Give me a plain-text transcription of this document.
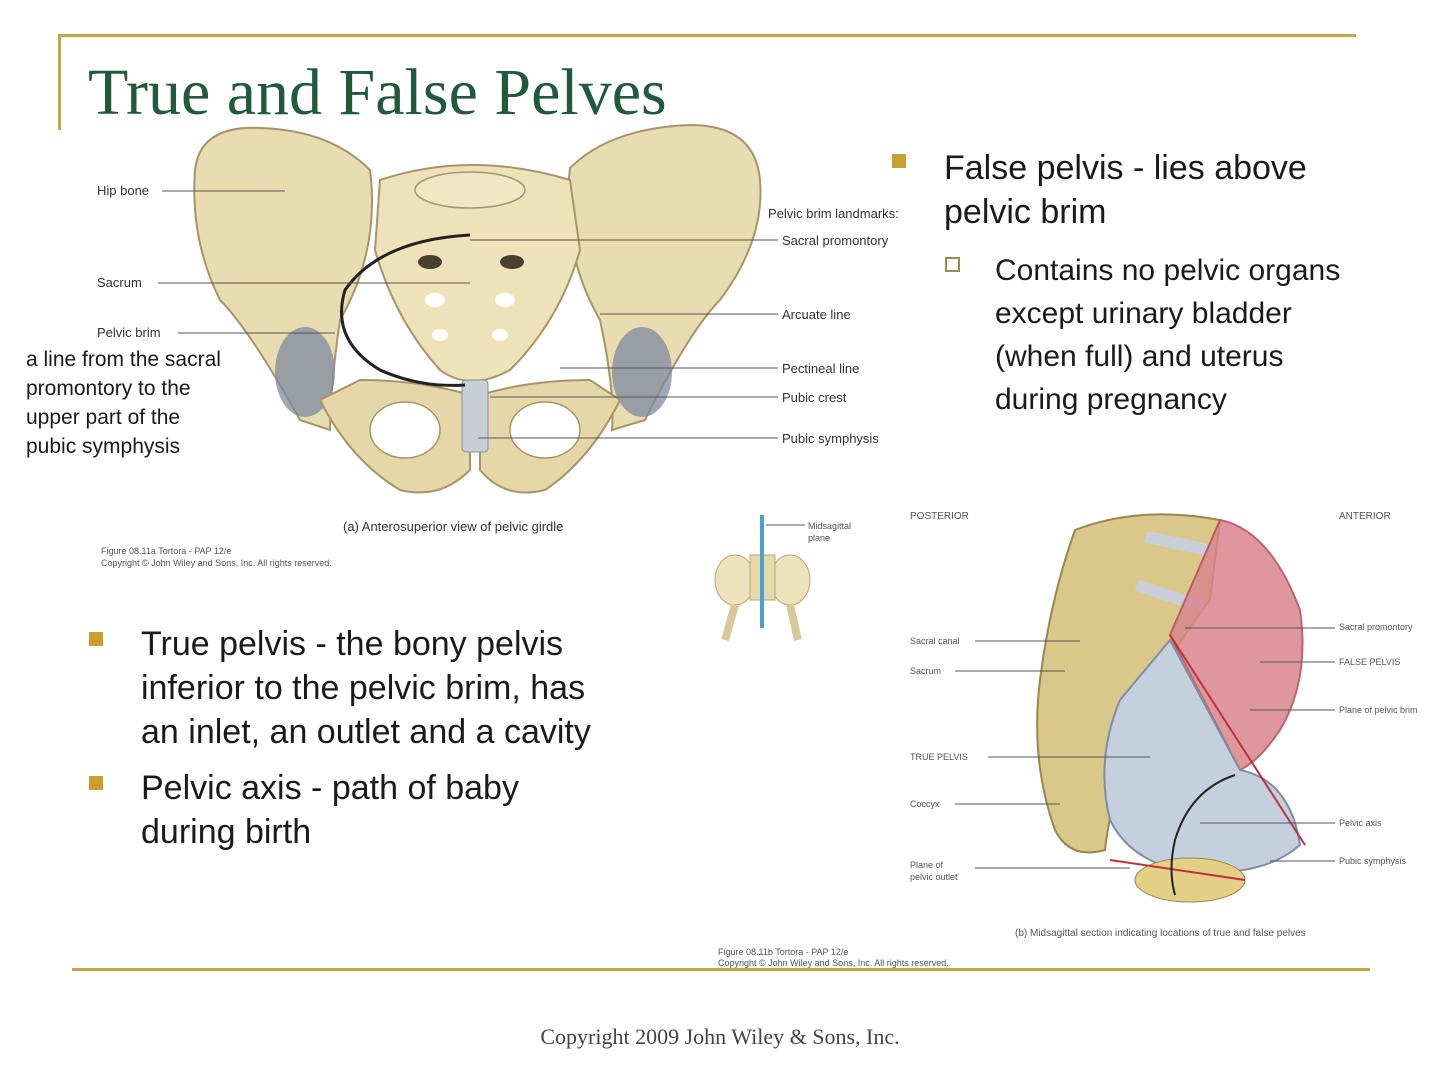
True and False Pelves
Hip bone
Sacrum
Pelvic brim
a line from the sacral
promontory to the
upper part of the
pubic symphysis
Pelvic brim landmarks:
Sacral promontory
Arcuate line
Pectineal line
Pubic crest
Pubic symphysis
(a) Anterosuperior view of pelvic girdle
Figure 08.11a Tortora - PAP 12/e
Copyright © John Wiley and Sons, Inc. All rights reserved.
False pelvis - lies above
pelvic brim
Contains no pelvic organs
except urinary bladder
(when full) and uterus
during pregnancy
Midsagittal
plane
True pelvis - the bony pelvis
inferior to the pelvic brim, has
an inlet, an outlet and a cavity
Pelvic axis - path of baby
during birth
POSTERIOR	ANTERIOR
Sacral canal
Sacrum
TRUE PELVIS
Coccyx
Plane of
pelvic outlet
Sacral promontory
FALSE PELVIS
Plane of pelvic brim
Pelvic axis
Pubic symphysis
(b) Midsagittal section indicating locations of true and false pelves
Figure 08.11b Tortora - PAP 12/e
Copyright © John Wiley and Sons, Inc. All rights reserved.
Copyright 2009 John Wiley & Sons, Inc.
